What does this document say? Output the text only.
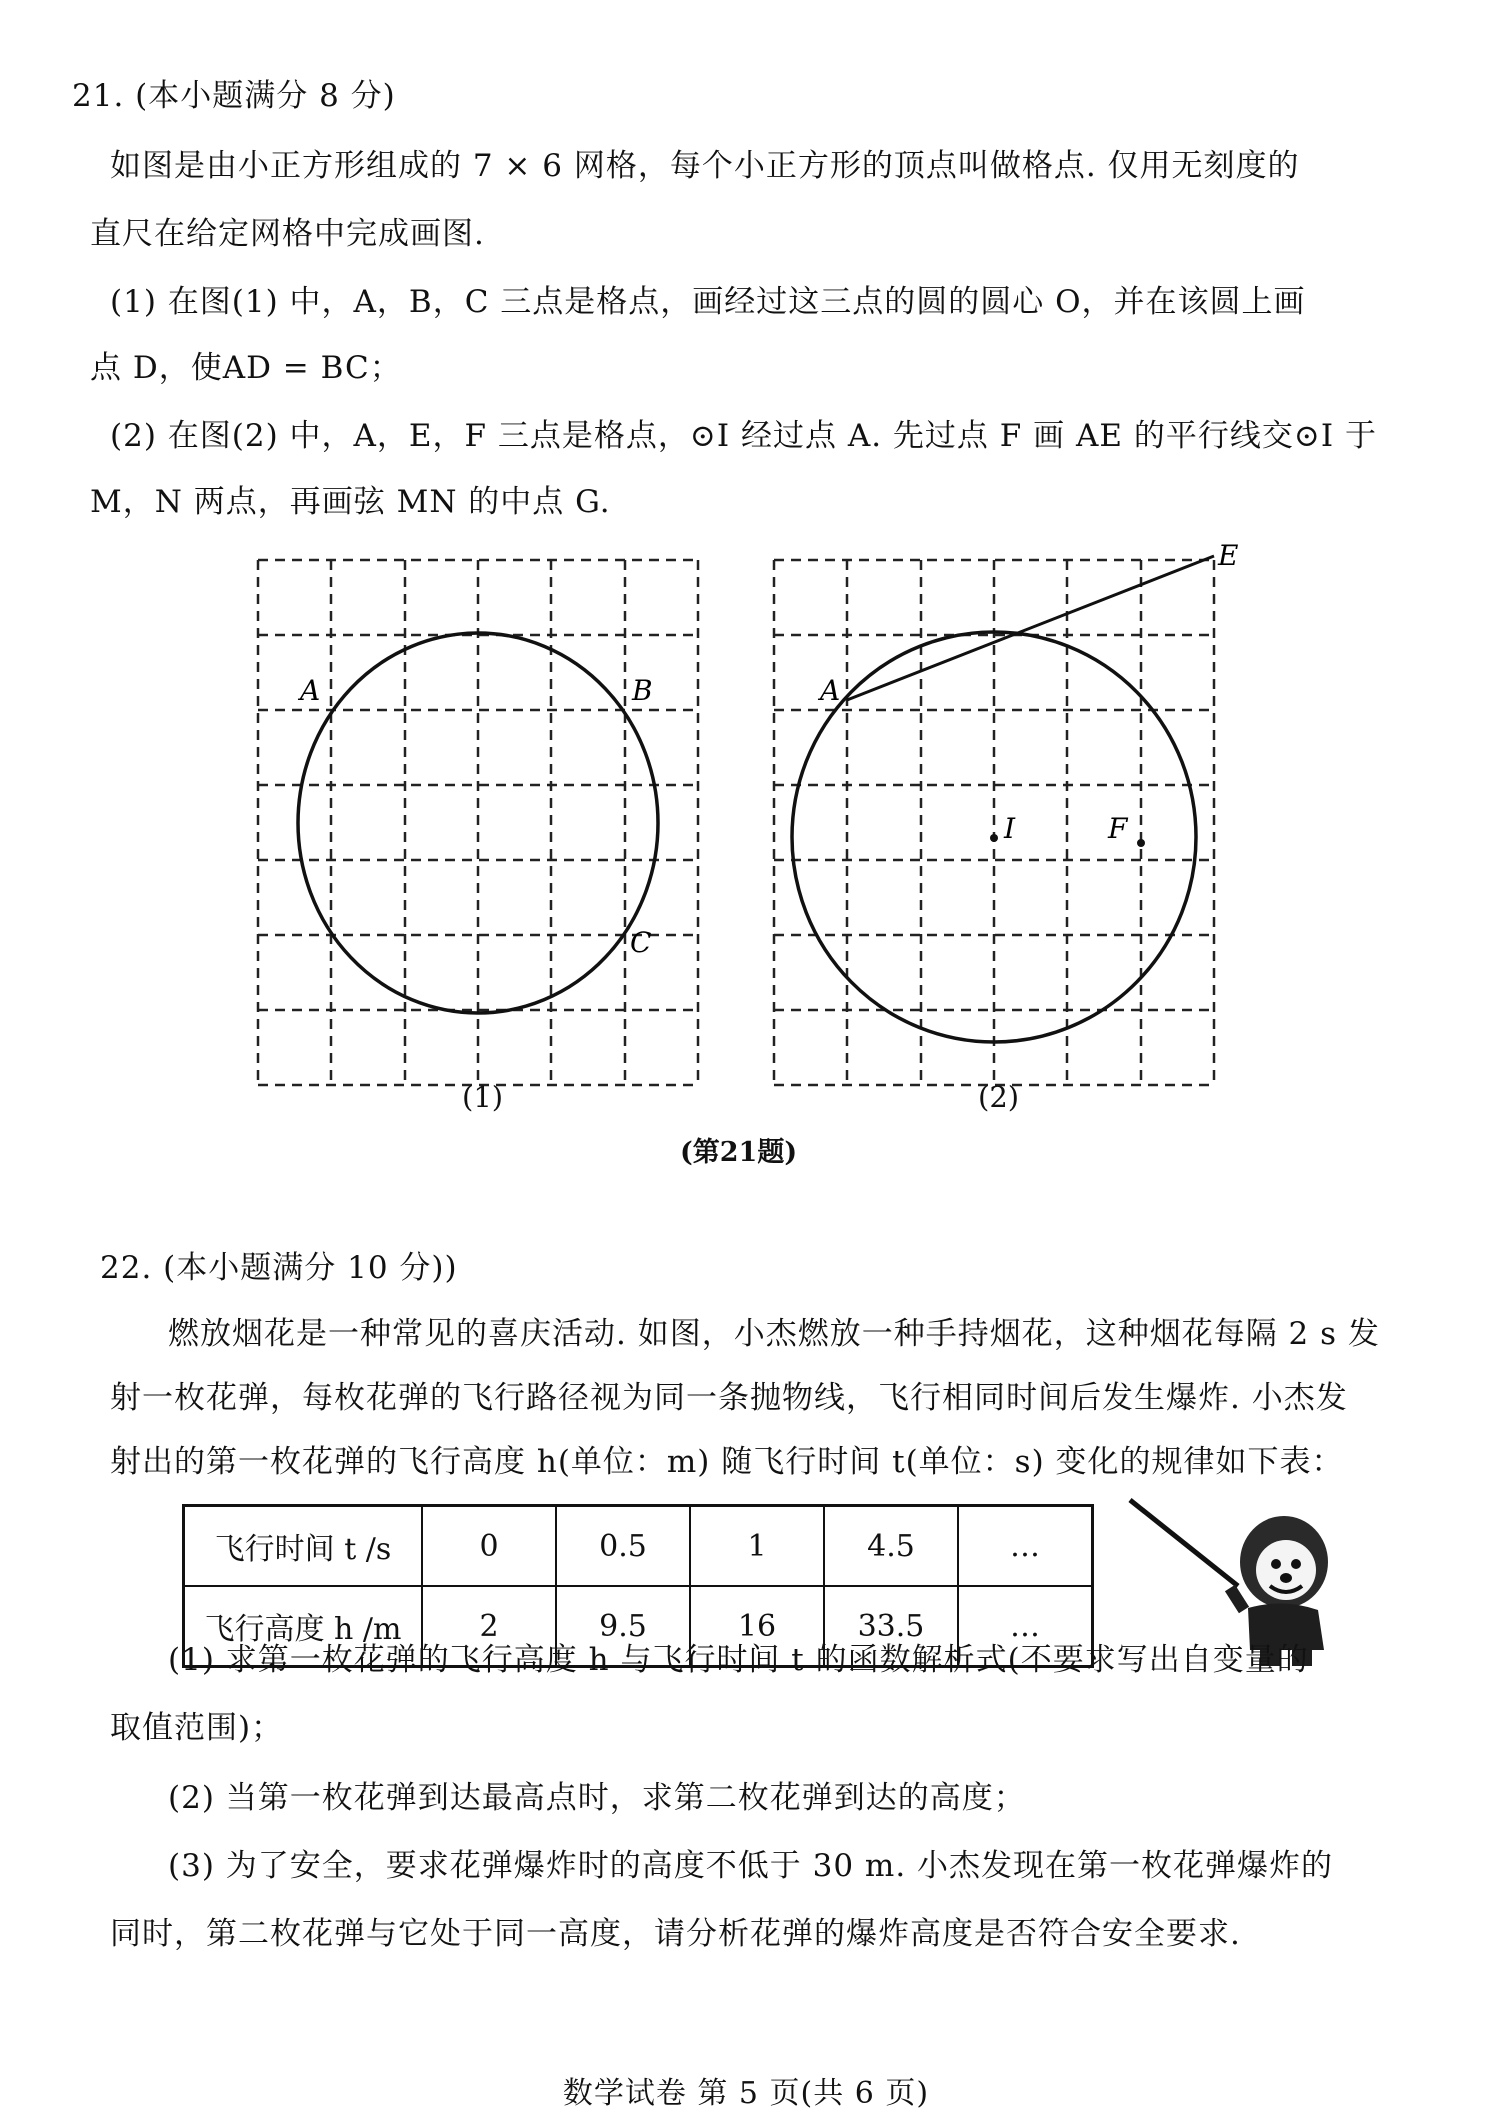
21. (本小题满分 8 分)
如图是由小正方形组成的 7 × 6 网格，每个小正方形的顶点叫做格点. 仅用无刻度的
直尺在给定网格中完成画图.
(1) 在图(1) 中，A，B，C 三点是格点，画经过这三点的圆的圆心 O，并在该圆上画
点 D，使AD = BC；
(2) 在图(2) 中，A，E，F 三点是格点，⊙I 经过点 A. 先过点 F 画 AE 的平行线交⊙I 于
M，N 两点，再画弦 MN 的中点 G.
A	B
C
A
E
I	F
(1)	(2)
(第21题)
22. (本小题满分 10 分))
燃放烟花是一种常见的喜庆活动. 如图，小杰燃放一种手持烟花，这种烟花每隔 2 s 发
射一枚花弹，每枚花弹的飞行路径视为同一条抛物线，飞行相同时间后发生爆炸. 小杰发
射出的第一枚花弹的飞行高度 h(单位：m) 随飞行时间 t(单位：s) 变化的规律如下表：
飞行时间 t /s	0	0.5	1	4.5	…
飞行高度 h /m	2	9.5	16	33.5	…
(1) 求第一枚花弹的飞行高度 h 与飞行时间 t 的函数解析式(不要求写出自变量的
取值范围)；
(2) 当第一枚花弹到达最高点时，求第二枚花弹到达的高度；
(3) 为了安全，要求花弹爆炸时的高度不低于 30 m. 小杰发现在第一枚花弹爆炸的
同时，第二枚花弹与它处于同一高度，请分析花弹的爆炸高度是否符合安全要求.
数学试卷 第 5 页(共 6 页)
